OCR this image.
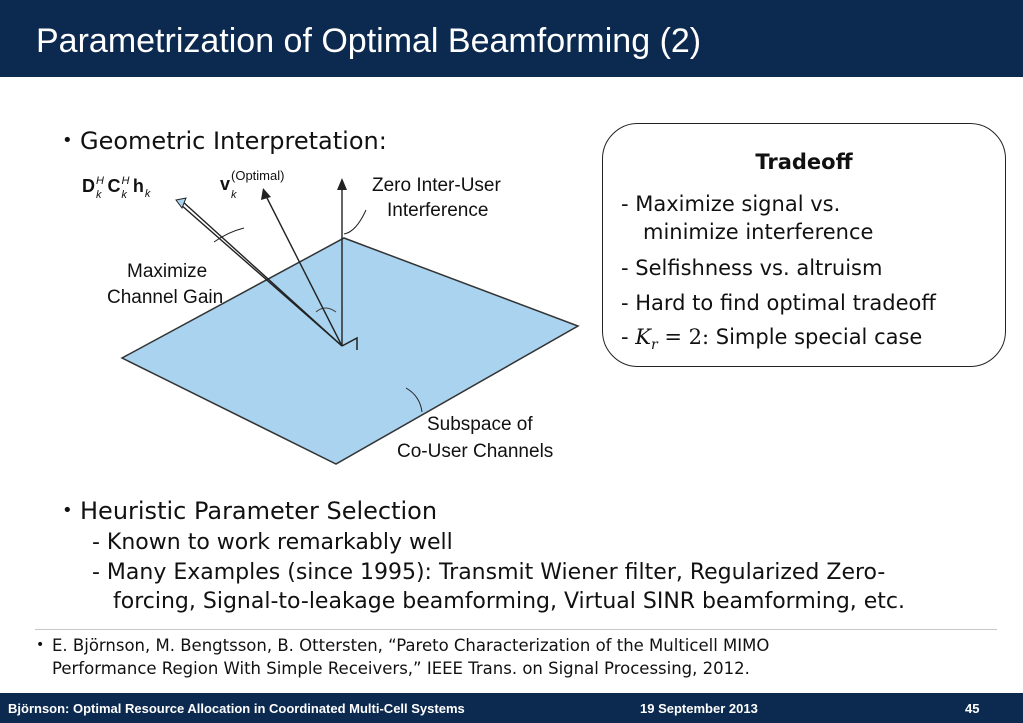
Parametrization of Optimal Beamforming (2)
• Geometric Interpretation:
$D^H$ k $C^H$ k $h_k$	$v_k$
(Optimal)	Zero Inter-User
Interference
Maximize
Channel Gain
Subspace of
Co-User Channels
Tradeoff
- Maximize signal vs.
minimize interference
- Selfishness vs. altruism
- Hard to find optimal tradeoff
- $K_r = 2$: Simple special case
• Heuristic Parameter Selection
- Known to work remarkably well
- Many Examples (since 1995): Transmit Wiener filter, Regularized Zero-
forcing, Signal-to-leakage beamforming, Virtual SINR beamforming, etc.
• E. Björnson, M. Bengtsson, B. Ottersten, “Pareto Characterization of the Multicell MIMO
Performance Region With Simple Receivers,” IEEE Trans. on Signal Processing, 2012.
Björnson: Optimal Resource Allocation in Coordinated Multi-Cell Systems	19 September 2013	45
